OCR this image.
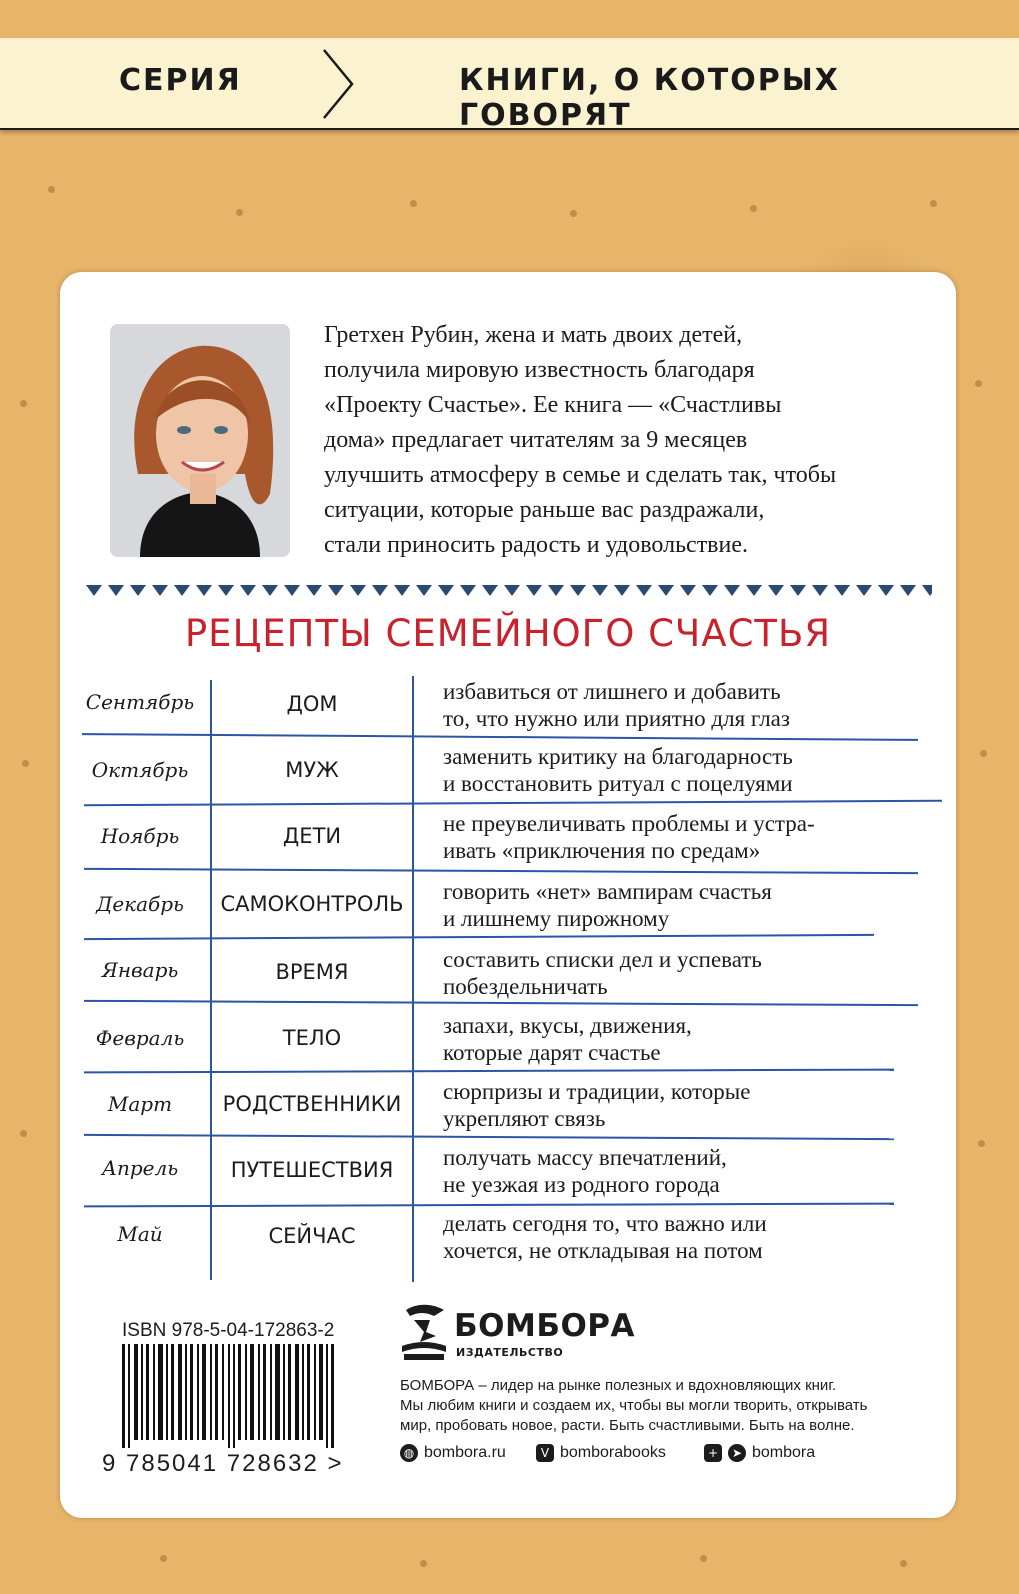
СЕРИЯ	КНИГИ, О КОТОРЫХ ГОВОРЯТ
Гретхен Рубин, жена и мать двоих детей,
получила мировую известность благодаря
«Проекту Счастье». Ее книга — «Счастливы
дома» предлагает читателям за 9 месяцев
улучшить атмосферу в семье и сделать так, чтобы
ситуации, которые раньше вас раздражали,
стали приносить радость и удовольствие.
РЕЦЕПТЫ СЕМЕЙНОГО СЧАСТЬЯ
Сентябрь	ДОМ	избавиться от лишнего и добавить
то, что нужно или приятно для глаз
Октябрь	МУЖ
заменить критику на благодарность
и восстановить ритуал с поцелуями
Ноябрь	ДЕТИ	не преувеличивать проблемы и устра-
ивать «приключения по средам»
Декабрь	САМОКОНТРОЛЬ	говорить «нет» вампирам счастья
и лишнему пирожному
Январь	ВРЕМЯ	составить списки дел и успевать
побездельничать
Февраль	ТЕЛО	запахи, вкусы, движения,
которые дарят счастье
Март	РОДСТВЕННИКИ	сюрпризы и традиции, которые
укрепляют связь
Апрель	ПУТЕШЕСТВИЯ	получать массу впечатлений,
не уезжая из родного города
Май	СЕЙЧАС	делать сегодня то, что важно или
хочется, не откладывая на потом
ISBN 978-5-04-172863-2
9 785041 728632 >
БОМБОРА
ИЗДАТЕЛЬСТВО
БОМБОРА – лидер на рынке полезных и вдохновляющих книг.
Мы любим книги и создаем их, чтобы вы могли творить, открывать
мир, пробовать новое, расти. Быть счастливыми. Быть на волне.
◍ bombora.ru	V bomborabooks	+	➤ bombora
